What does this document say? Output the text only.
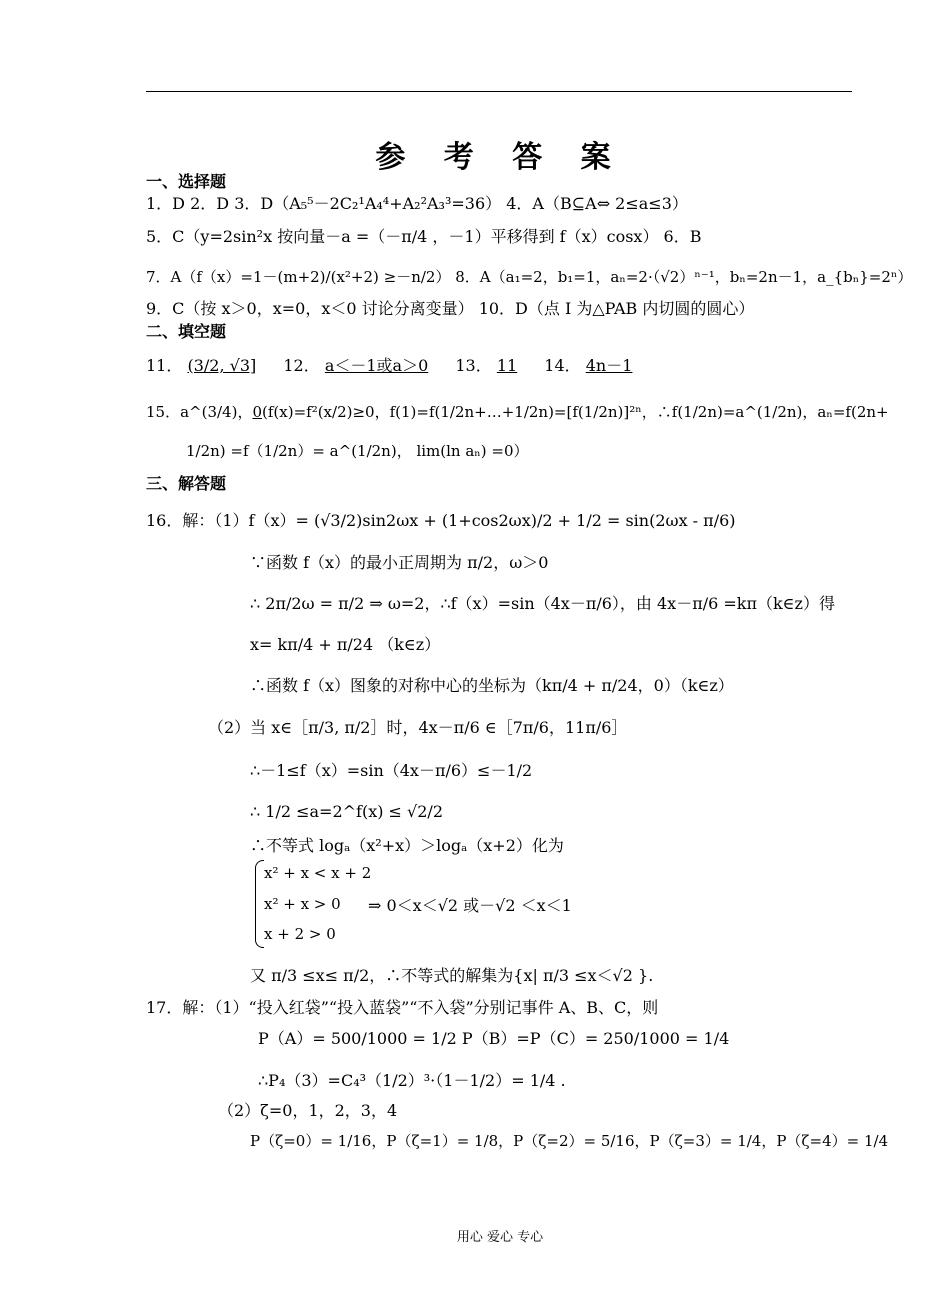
参 考 答 案
一、选择题
1．D 2．D 3．D（A₅⁵－2C₂¹A₄⁴+A₂²A₃³=36） 4．A（B⊆A⇔ 2≤a≤3）
5．C（y=2sin²x 按向量－a =（－π/4 ，－1）平移得到 f（x）cosx） 6．B
7．A（f（x）=1－(m+2)/(x²+2) ≥－n/2） 8．A（a₁=2，b₁=1，aₙ=2·（√2）ⁿ⁻¹，bₙ=2n－1，a_{bₙ}=2ⁿ）
9．C（按 x＞0，x=0，x＜0 讨论分离变量） 10．D（点 I 为△PAB 内切圆的圆心）
二、填空题
11． (3/2, √3] 12． a＜－1或a＞0 13． 11 14． 4n－1
15．a^(3/4)，0(f(x)=f²(x/2)≥0，f(1)=f(1/2n+…+1/2n)=[f(1/2n)]²ⁿ，∴f(1/2n)=a^(1/2n)，aₙ=f(2n+
1/2n) =f（1/2n）= a^(1/2n)， lim(ln aₙ) =0）
三、解答题
16．解：（1）f（x）= (√3/2)sin2ωx + (1+cos2ωx)/2 + 1/2 = sin(2ωx - π/6)
∵函数 f（x）的最小正周期为 π/2，ω＞0
∴ 2π/2ω = π/2 ⇒ ω=2，∴f（x）=sin（4x－π/6），由 4x－π/6 =kπ（k∈z）得
x= kπ/4 + π/24 （k∈z）
∴函数 f（x）图象的对称中心的坐标为（kπ/4 + π/24，0）（k∈z）
（2）当 x∈［π/3, π/2］时，4x－π/6 ∈［7π/6，11π/6］
∴－1≤f（x）=sin（4x－π/6）≤－1/2
∴ 1/2 ≤a=2^f(x) ≤ √2/2
∴不等式 logₐ（x²+x）＞logₐ（x+2）化为
x² + x < x + 2
x² + x > 0
x + 2 > 0
⇒ 0＜x＜√2 或－√2 ＜x＜1
又 π/3 ≤x≤ π/2，∴不等式的解集为{x| π/3 ≤x＜√2 }.
17．解：（1）“投入红袋”“投入蓝袋”“不入袋”分别记事件 A、B、C，则
P（A）= 500/1000 = 1/2 P（B）=P（C）= 250/1000 = 1/4
∴P₄（3）=C₄³（1/2）³·（1－1/2）= 1/4 .
（2）ζ=0，1，2，3，4
P（ζ=0）= 1/16，P（ζ=1）= 1/8，P（ζ=2）= 5/16，P（ζ=3）= 1/4，P（ζ=4）= 1/4
用心 爱心 专心
